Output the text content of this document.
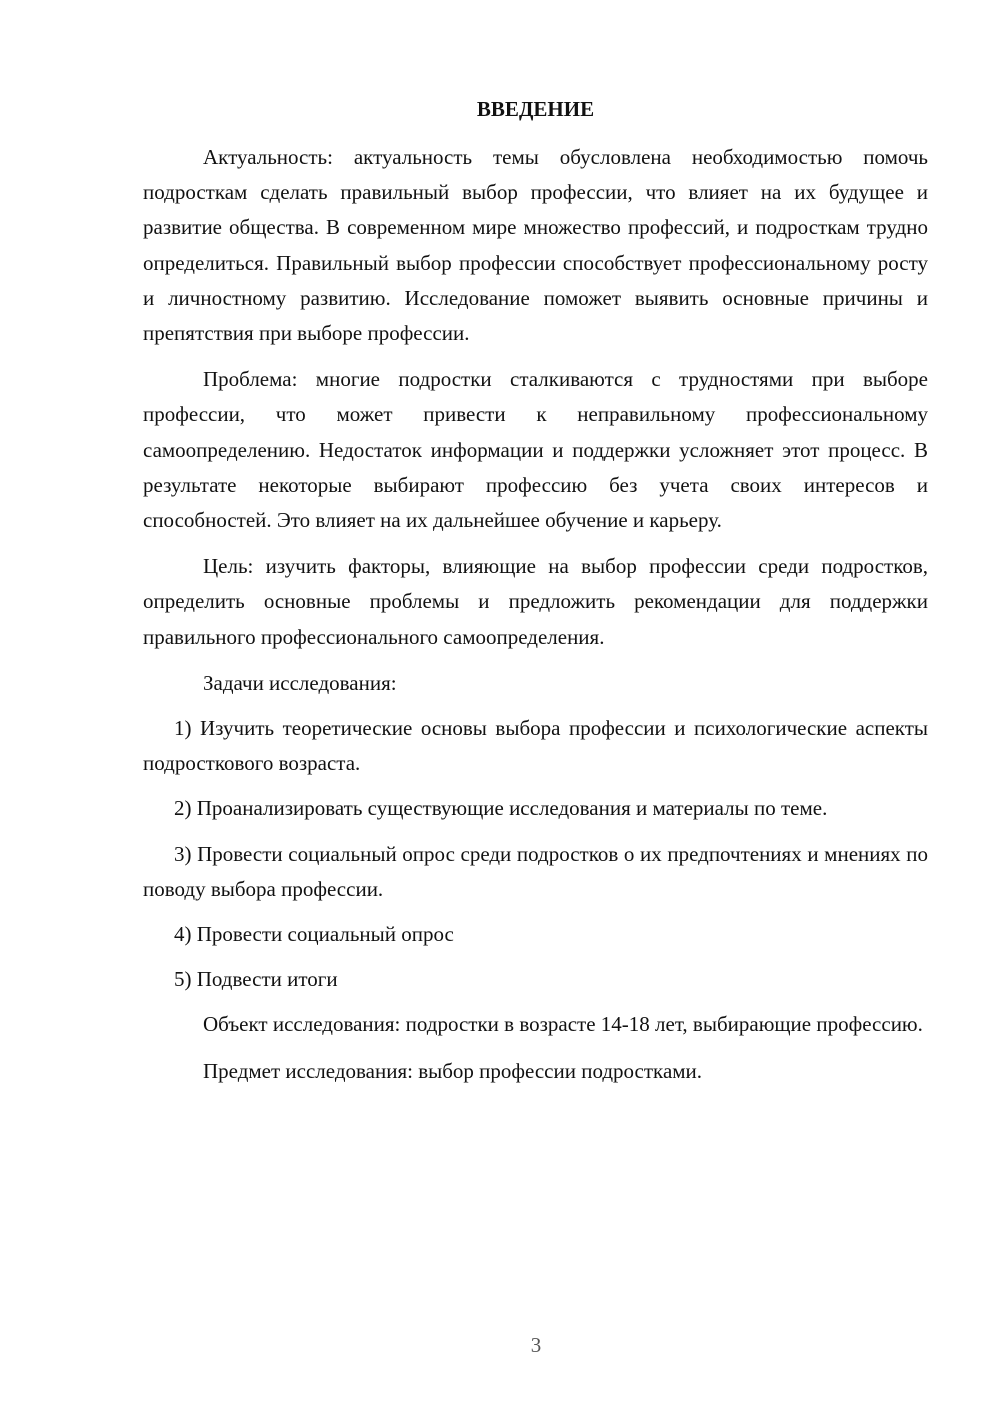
ВВЕДЕНИЕ

Актуальность: актуальность темы обусловлена необходимостью помочь подросткам сделать правильный выбор профессии, что влияет на их будущее и развитие общества. В современном мире множество профессий, и подросткам трудно определиться. Правильный выбор профессии способствует профессиональному росту и личностному развитию. Исследование поможет выявить основные причины и препятствия при выборе профессии.

Проблема: многие подростки сталкиваются с трудностями при выборе профессии, что может привести к неправильному профессиональному самоопределению. Недостаток информации и поддержки усложняет этот процесс. В результате некоторые выбирают профессию без учета своих интересов и способностей. Это влияет на их дальнейшее обучение и карьеру.

Цель: изучить факторы, влияющие на выбор профессии среди подростков, определить основные проблемы и предложить рекомендации для поддержки правильного профессионального самоопределения.

Задачи исследования:

1) Изучить теоретические основы выбора профессии и психологические аспекты подросткового возраста.

2) Проанализировать существующие исследования и материалы по теме.

3) Провести социальный опрос среди подростков о их предпочтениях и мнениях по поводу выбора профессии.

4) Провести социальный опрос

5) Подвести итоги

Объект исследования: подростки в возрасте 14-18 лет, выбирающие профессию.

Предмет исследования: выбор профессии подростками.

3
